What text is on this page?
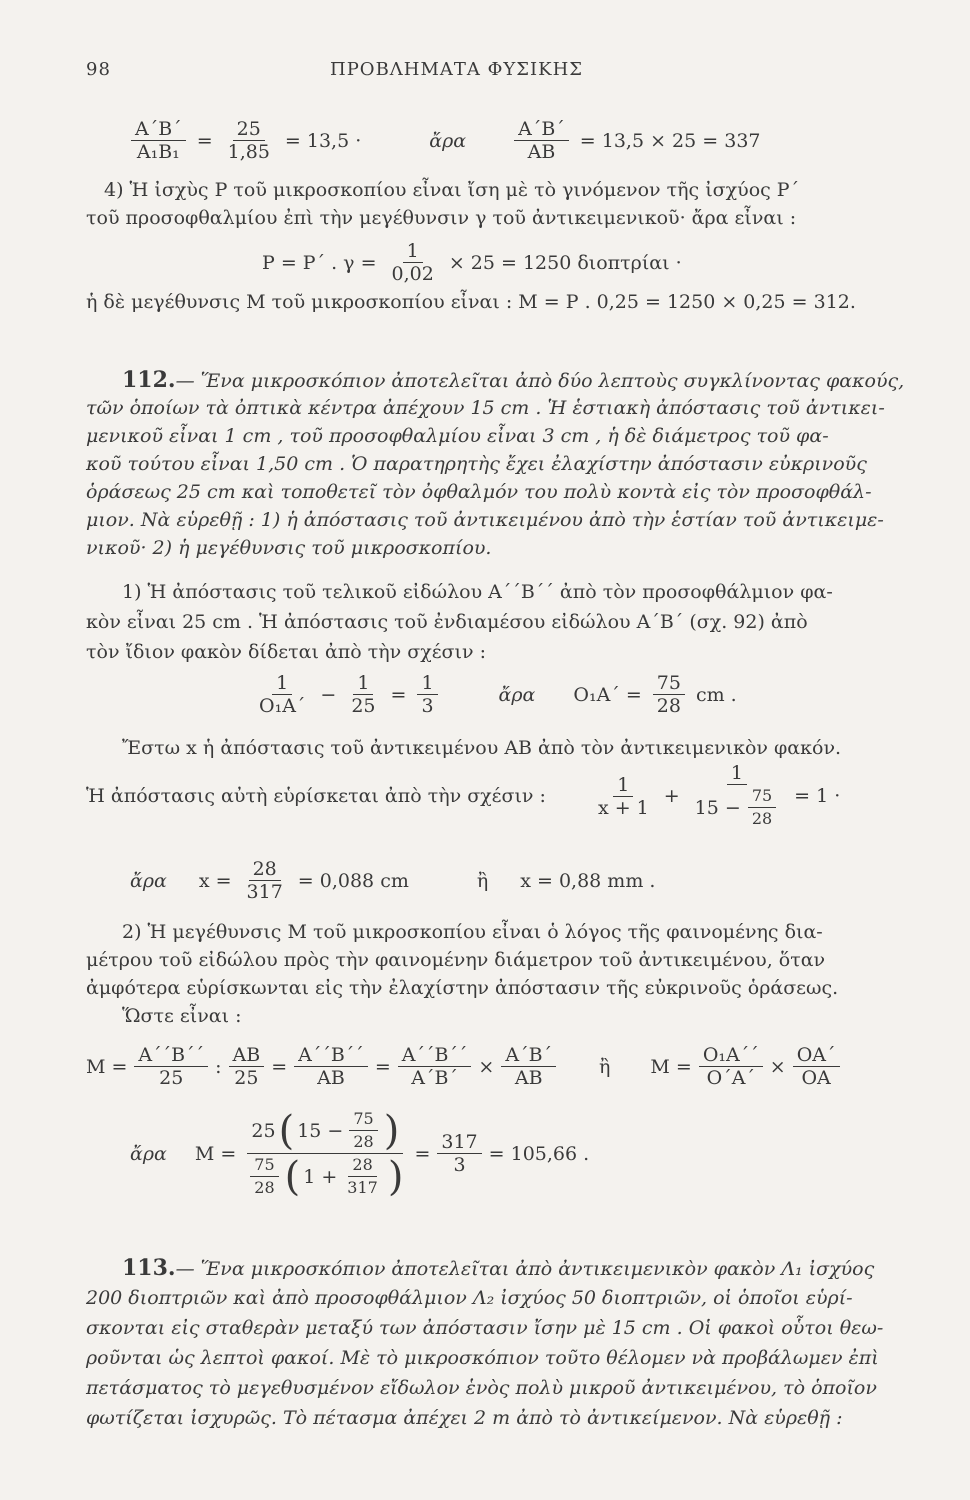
98	ΠΡΟΒΛΗΜΑΤΑ ΦΥΣΙΚΗΣ
$\frac{A΄B΄}{\text{Α₁Β₁}} = \frac{25}{1,85} = 13,5$ ·	ἄρα	$\frac{A΄B΄}{AB} = 13,5 \times 25 = 337$
4) Ἡ ἰσχὺς Ρ τοῦ μικροσκοπίου εἶναι ἴση μὲ τὸ γινόμενον τῆς ἰσχύος Ρ΄
τοῦ προσοφθαλμίου ἐπὶ τὴν μεγέθυνσιν γ τοῦ ἀντικειμενικοῦ· ἄρα εἶναι :
Ρ = Ρ΄ . $\gamma = \frac{1}{0,02} \times 25 = 1250$ διοπτρίαι ·
ἡ δὲ μεγέθυνσις Μ τοῦ μικροσκοπίου εἶναι : Μ = Ρ . 0,25 = 1250 × 0,25 = 312.
112.— Ἕνα μικροσκόπιον ἀποτελεῖται ἀπὸ δύο λεπτοὺς συγκλίνοντας φακούς,
τῶν ὁποίων τὰ ὀπτικὰ κέντρα ἀπέχουν 15 cm . Ἡ ἑστιακὴ ἀπόστασις τοῦ ἀντικει-
μενικοῦ εἶναι 1 cm , τοῦ προσοφθαλμίου εἶναι 3 cm , ἡ δὲ διάμετρος τοῦ φα-
κοῦ τούτου εἶναι 1,50 cm . Ὁ παρατηρητὴς ἔχει ἐλαχίστην ἀπόστασιν εὐκρινοῦς
ὁράσεως 25 cm καὶ τοποθετεῖ τὸν ὀφθαλμόν του πολὺ κοντὰ εἰς τὸν προσοφθάλ-
μιον. Νὰ εὑρεθῇ : 1) ἡ ἀπόστασις τοῦ ἀντικειμένου ἀπὸ τὴν ἑστίαν τοῦ ἀντικειμε-
νικοῦ· 2) ἡ μεγέθυνσις τοῦ μικροσκοπίου.
1) Ἡ ἀπόστασις τοῦ τελικοῦ εἰδώλου Α΄΄Β΄΄ ἀπὸ τὸν προσοφθάλμιον φα-
κὸν εἶναι 25 cm . Ἡ ἀπόστασις τοῦ ἐνδιαμέσου εἰδώλου Α΄Β΄ (σχ. 92) ἀπὸ
τὸν ἴδιον φακὸν δίδεται ἀπὸ τὴν σχέσιν :
$\frac{1}{\text{Ο₁Α΄}} - \frac{1}{25} = \frac{1}{3}$	ἄρα $O_1A΄ = \frac{75}{28}$ cm .
Ἔστω x ἡ ἀπόστασις τοῦ ἀντικειμένου ΑΒ ἀπὸ τὸν ἀντικειμενικὸν φακόν.
Ἡ ἀπόστασις αὐτὴ εὑρίσκεται ἀπὸ τὴν σχέσιν :	$\frac{1}{x + 1} + \frac{1}{15 - \frac{75}{28}} = 1$ ·
ἄρα $x = \frac{28}{317} = 0,088$ cm	ἢ x = 0,88 mm .
2) Ἡ μεγέθυνσις Μ τοῦ μικροσκοπίου εἶναι ὁ λόγος τῆς φαινομένης δια-
μέτρου τοῦ εἰδώλου πρὸς τὴν φαινομένην διάμετρον τοῦ ἀντικειμένου, ὅταν
ἀμφότερα εὑρίσκωνται εἰς τὴν ἐλαχίστην ἀπόστασιν τῆς εὐκρινοῦς ὁράσεως.
Ὥστε εἶναι :
$M = \frac{A΄΄B΄΄}{25}$ : $\frac{AB}{25} = \frac{A΄΄B΄΄}{AB} = \frac{A΄΄B΄΄}{A΄B΄} \times \frac{A΄B΄}{AB}$ ἢ $M = \frac{\text{Ο₁Α΄΄}}{O΄A΄} \times \frac{OA΄}{OA}$
ἄρα $M = \frac{25 ( 15 - \frac{75}{28} )}{\frac{75}{28} ( 1 + \frac{28}{317} )} = \frac{317}{3} = 105,66$ .
113.— Ἕνα μικροσκόπιον ἀποτελεῖται ἀπὸ ἀντικειμενικὸν φακὸν Λ₁ ἰσχύος
200 διοπτριῶν καὶ ἀπὸ προσοφθάλμιον Λ₂ ἰσχύος 50 διοπτριῶν, οἱ ὁποῖοι εὑρί-
σκονται εἰς σταθερὰν μεταξύ των ἀπόστασιν ἴσην μὲ 15 cm . Οἱ φακοὶ οὗτοι θεω-
ροῦνται ὡς λεπτοὶ φακοί. Μὲ τὸ μικροσκόπιον τοῦτο θέλομεν νὰ προβάλωμεν ἐπὶ
πετάσματος τὸ μεγεθυσμένον εἴδωλον ἑνὸς πολὺ μικροῦ ἀντικειμένου, τὸ ὁποῖον
φωτίζεται ἰσχυρῶς. Τὸ πέτασμα ἀπέχει 2 m ἀπὸ τὸ ἀντικείμενον. Νὰ εὑρεθῇ :
